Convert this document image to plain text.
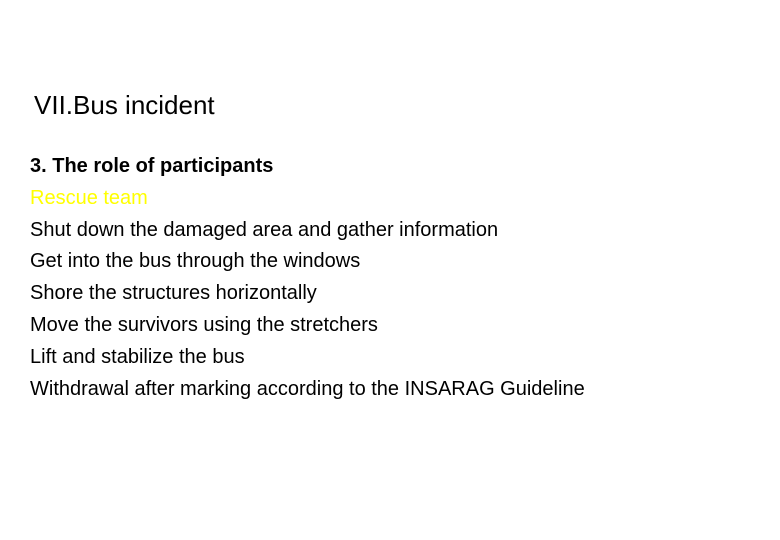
VII.Bus incident
3. The role of participants
Rescue team
Shut down the damaged area and gather information
Get into the bus through the windows
Shore the structures horizontally
Move the survivors using the stretchers
Lift and stabilize the bus
Withdrawal after marking according to the INSARAG Guideline
